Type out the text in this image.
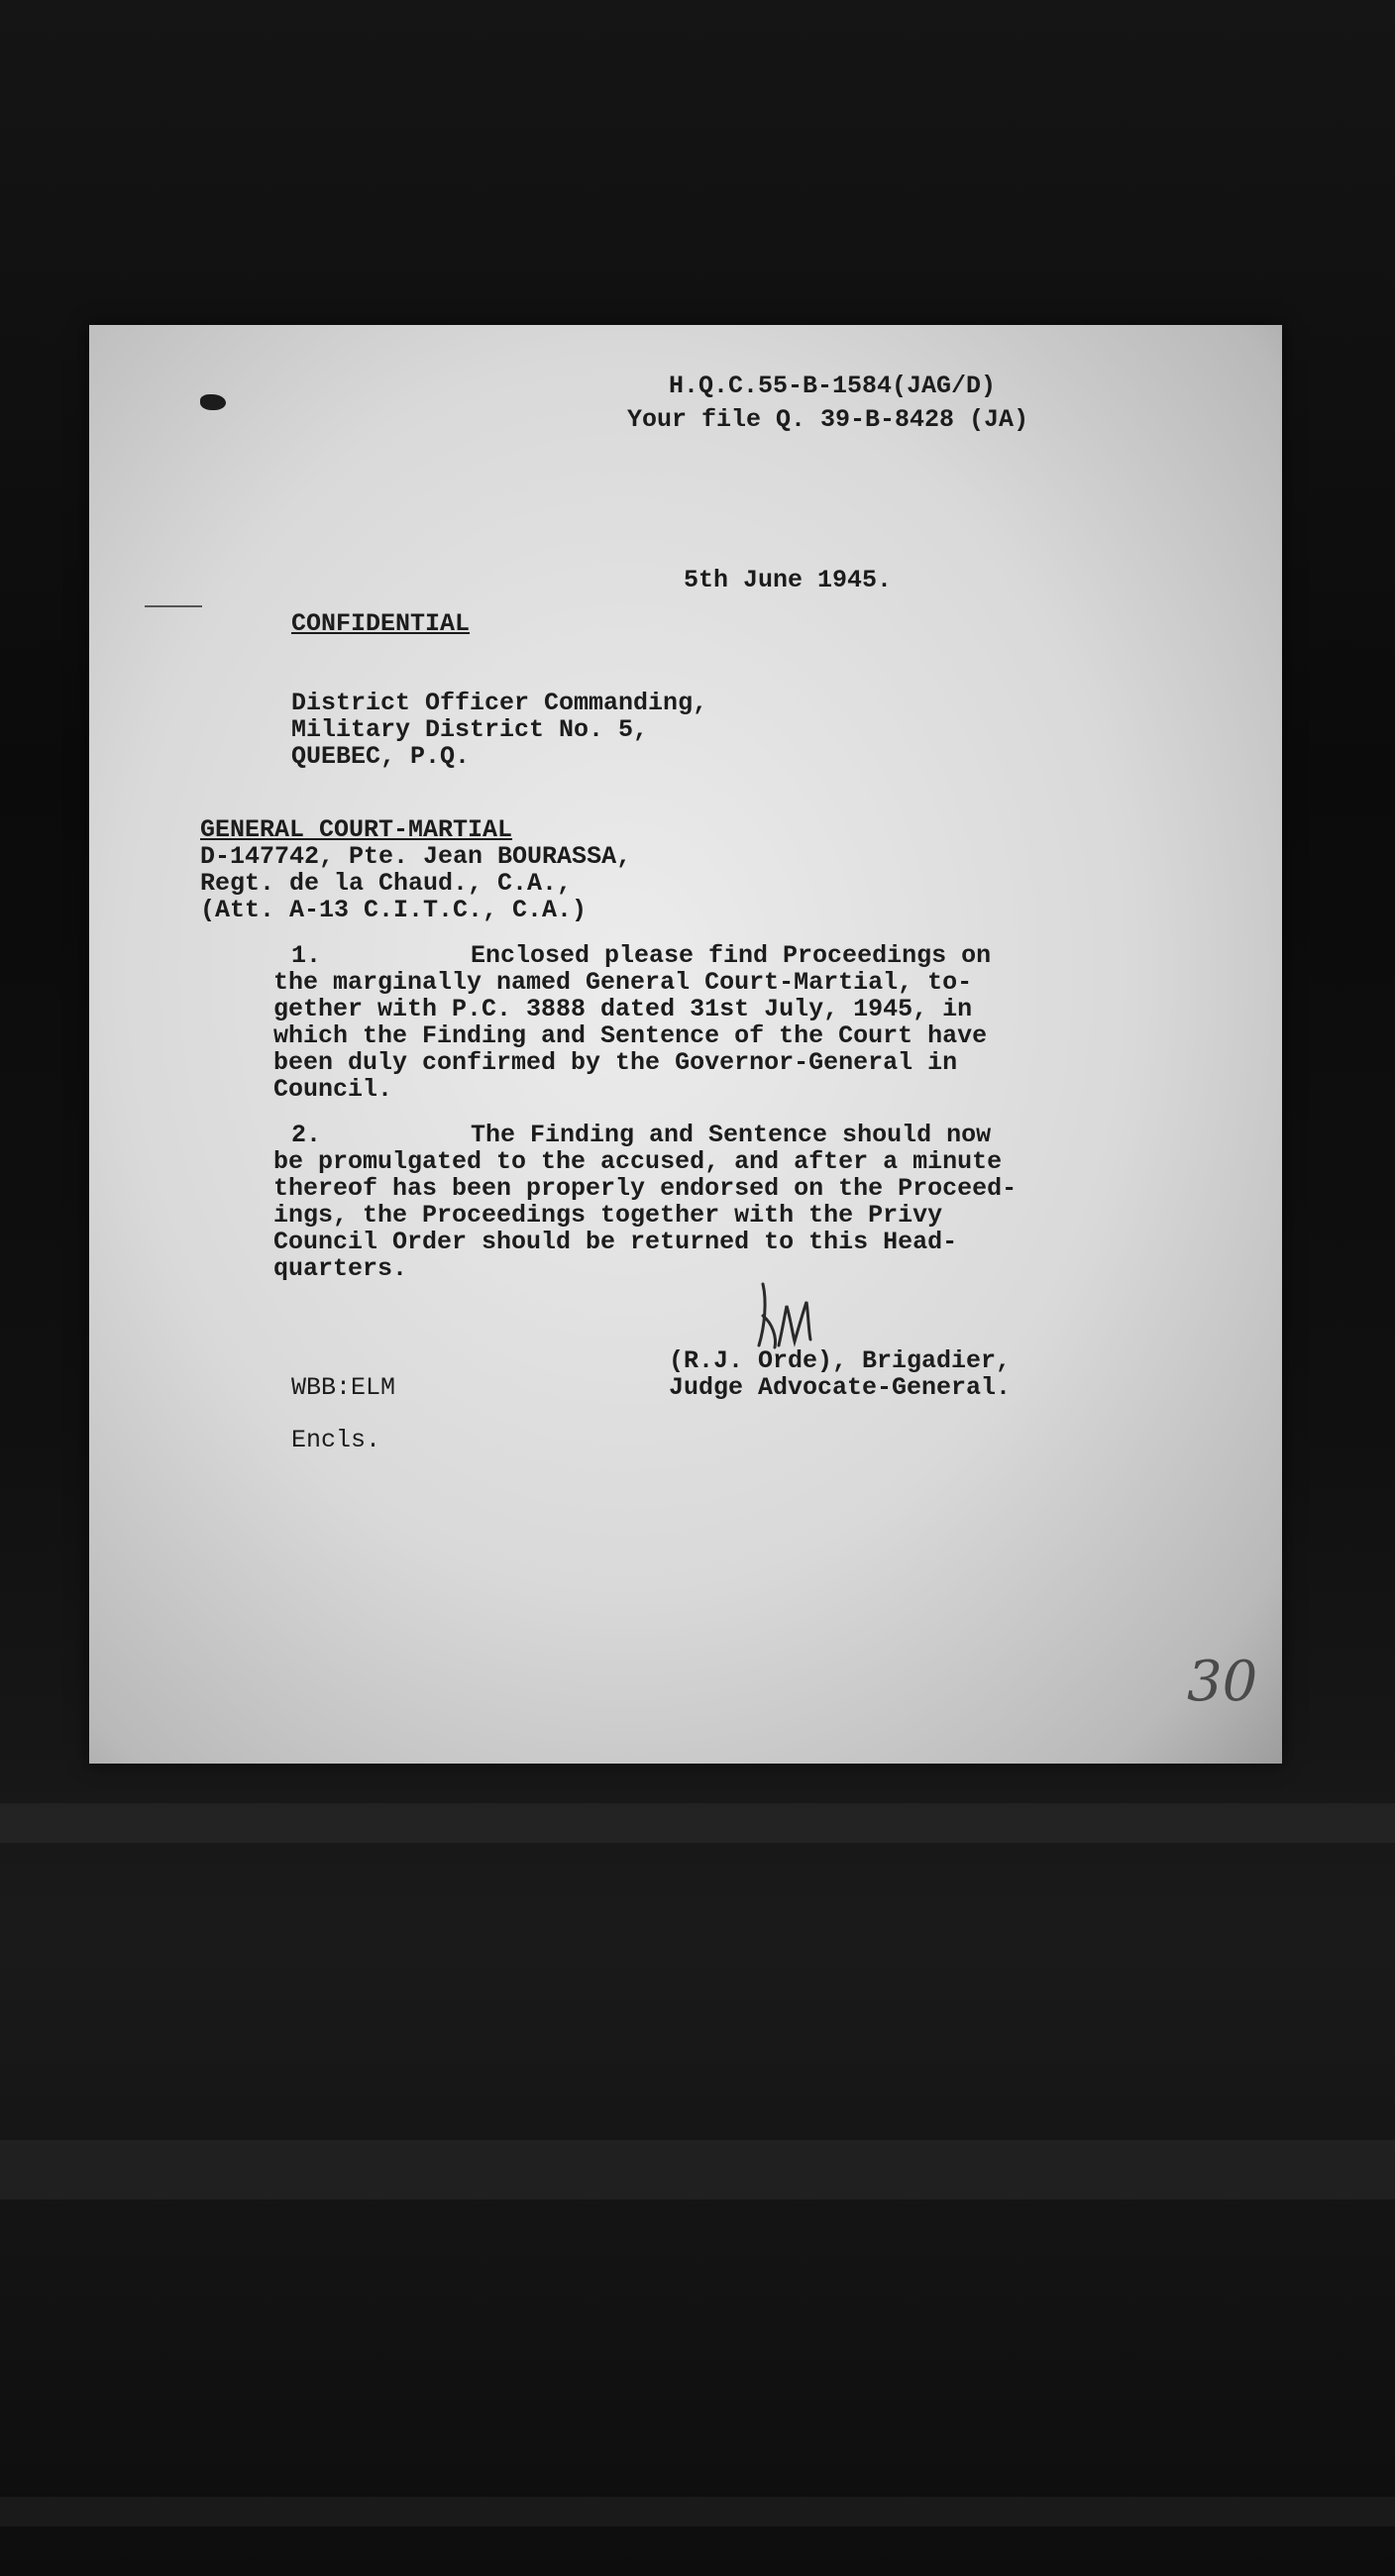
H.Q.C.55-B-1584(JAG/D)
Your file Q. 39-B-8428 (JA)
5th June 1945.
CONFIDENTIAL
District Officer Commanding,
Military District No. 5,
QUEBEC, P.Q.
GENERAL COURT-MARTIAL
D-147742, Pte. Jean BOURASSA,
Regt. de la Chaud., C.A.,
(Att. A-13 C.I.T.C., C.A.)
1.	Enclosed please find Proceedings on
the marginally named General Court-Martial, to-
gether with P.C. 3888 dated 31st July, 1945, in
which the Finding and Sentence of the Court have
been duly confirmed by the Governor-General in
Council.
2.	The Finding and Sentence should now
be promulgated to the accused, and after a minute
thereof has been properly endorsed on the Proceed-
ings, the Proceedings together with the Privy
Council Order should be returned to this Head-
quarters.
(R.J. Orde), Brigadier,
Judge Advocate-General.
WBB:ELM
Encls.
30
